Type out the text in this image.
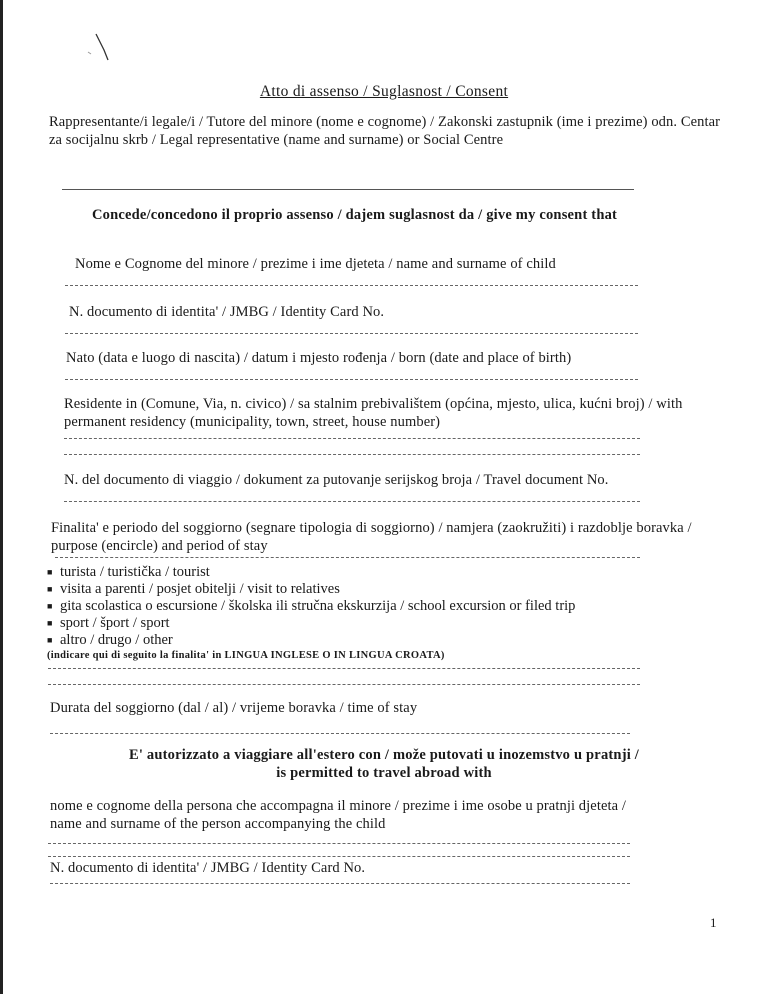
Atto di assenso / Suglasnost / Consent

Rappresentante/i legale/i / Tutore del minore (nome e cognome) / Zakonski zastupnik (ime i prezime) odn. Centar za socijalnu skrb / Legal representative (name and surname) or Social Centre

Concede/concedono il proprio assenso / dajem suglasnost da / give my consent that

Nome e Cognome del minore / prezime i ime djeteta / name and surname of child

N. documento di identita' / JMBG / Identity Card No.

Nato (data e luogo di nascita) / datum i mjesto rođenja / born (date and place of birth)

Residente in (Comune, Via, n. civico) / sa stalnim prebivalištem (općina, mjesto, ulica, kućni broj) / with permanent residency (municipality, town, street, house number)

N. del documento di viaggio / dokument za putovanje serijskog broja / Travel document No.

Finalita' e periodo del soggiorno (segnare tipologia di soggiorno) / namjera (zaokružiti) i razdoblje boravka / purpose (encircle) and period of stay

■ turista / turistička / tourist
■ visita a parenti / posjet obitelji / visit to relatives
■ gita scolastica o escursione / školska ili stručna ekskurzija / school excursion or filed trip
■ sport / šport / sport
■ altro / drugo / other

(indicare qui di seguito la finalita' in LINGUA INGLESE O IN LINGUA CROATA)

Durata del soggiorno (dal / al) / vrijeme boravka / time of stay

E' autorizzato a viaggiare all'estero con / može putovati u inozemstvo u pratnji /

is permitted to travel abroad with

nome e cognome della persona che accompagna il minore / prezime i ime osobe u pratnji djeteta / name and surname of the person accompanying the child

N. documento di identita' / JMBG / Identity Card No.

1
